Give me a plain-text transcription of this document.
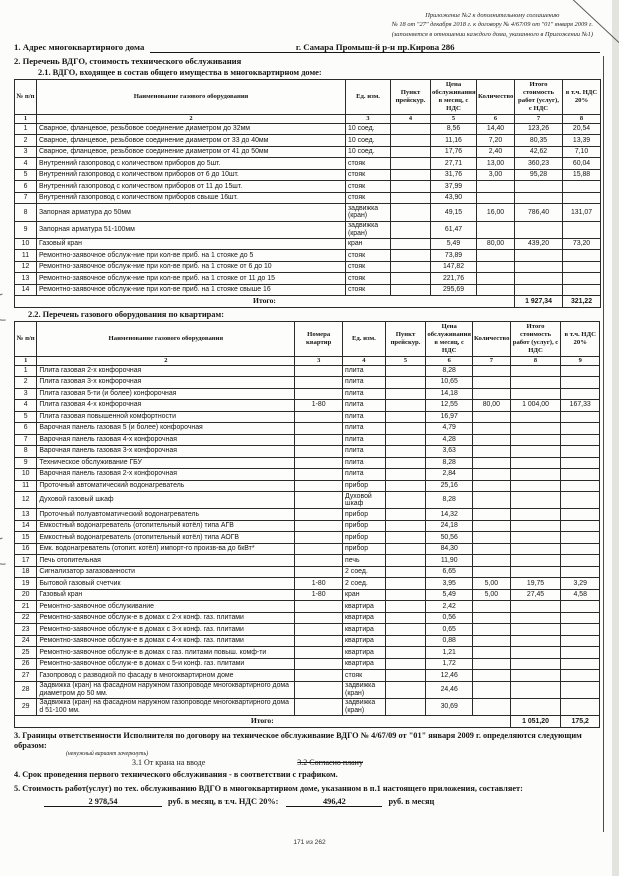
Приложение №2 к дополнительному соглашению
№ 18 от "27" декабря 2018 г. к договору № 4/67/09 от "01" января 2009 г.
(заполняется в отношении каждого дома, указанного в Приложении №1)
1. Адрес многоквартирного дома	г. Самара Промыш-й р-н пр.Кирова 286
2. Перечень ВДГО, стоимость технического обслуживания
2.1. ВДГО, входящее в состав общего имущества в многоквартирном доме:
№ п/п	Наименование газового оборудования	Ед. изм.	Пункт прейскур.	Цена обслуживания в месяц, с НДС	Количество	Итого стоимость работ (услуг), с НДС	в т.ч. НДС 20%
1	2	3	4	5	6	7	8
1	Сварное, фланцевое, резьбовое соединение диаметром до 32мм	10 соед.		8,56	14,40	123,26	20,54
2	Сварное, фланцевое, резьбовое соединение диаметром от 33 до 40мм	10 соед.		11,16	7,20	80,35	13,39
3	Сварное, фланцевое, резьбовое соединение диаметром от 41 до 50мм	10 соед.		17,76	2,40	42,62	7,10
4	Внутренний газопровод с количеством приборов до 5шт.	стояк		27,71	13,00	360,23	60,04
5	Внутренний газопровод с количеством приборов от 6 до 10шт.	стояк		31,76	3,00	95,28	15,88
6	Внутренний газопровод с количеством приборов от 11 до 15шт.	стояк		37,99			
7	Внутренний газопровод с количеством приборов свыше 16шт.	стояк		43,90			
8	Запорная арматура до 50мм	задвижка (кран)		49,15	16,00	786,40	131,07
9	Запорная арматура 51-100мм	задвижка (кран)		61,47			
10	Газовый кран	кран		5,49	80,00	439,20	73,20
11	Ремонтно-заявочное обслуж-ние при кол-ве приб. на 1 стояке до 5	стояк		73,89			
12	Ремонтно-заявочное обслуж-ние при кол-ве приб. на 1 стояке от 6 до 10	стояк		147,82			
13	Ремонтно-заявочное обслуж-ние при кол-ве приб. на 1 стояке от 11 до 15	стояк		221,76			
14	Ремонтно-заявочное обслуж-ние при кол-ве приб. на 1 стояке свыше 16	стояк		295,69			
Итого:						1 927,34	321,22
2.2. Перечень газового оборудования по квартирам:
№ п/п	Наименование газового оборудования	Номера квартир	Ед. изм.	Пункт прейскур.	Цена обслуживания в месяц, с НДС	Количество	Итого стоимость работ (услуг), с НДС	в т.ч. НДС 20%
1	2	3	4	5	6	7	8	9
1	Плита газовая 2-х конфорочная		плита		8,28			
2	Плита газовая 3-х конфорочная		плита		10,65			
3	Плита газовая 5-ти (и более) конфорочная		плита		14,18			
4	Плита газовая 4-х конфорочная	1-80	плита		12,55	80,00	1 004,00	167,33
5	Плита газовая повышенной комфортности		плита		16,97			
6	Варочная панель газовая 5 (и более) конфорочная		плита		4,79			
7	Варочная панель газовая 4-х конфорочная		плита		4,28			
8	Варочная панель газовая 3-х конфорочная		плита		3,63			
9	Техническое обслуживание ГБУ		плита		8,28			
10	Варочная панель газовая 2-х конфорочная		плита		2,84			
11	Проточный автоматический водонагреватель		прибор		25,16			
12	Духовой газовый шкаф		Духовой шкаф		8,28			
13	Проточный полуавтоматический водонагреватель		прибор		14,32			
14	Емкостный водонагреватель (отопительный котёл) типа АГВ		прибор		24,18			
15	Емкостный водонагреватель (отопительный котёл) типа АОГВ		прибор		50,56			
16	Емк. водонагреватель (отопит. котёл) импорт-го произв-ва до 6кВт*		прибор		84,30			
17	Печь отопительная		печь		11,90			
18	Сигнализатор загазованности		2 соед.		6,65			
19	Бытовой газовый счетчик	1-80	2 соед.		3,95	5,00	19,75	3,29
20	Газовый кран	1-80	кран		5,49	5,00	27,45	4,58
21	Ремонтно-заявочное обслуживание		квартира		2,42			
22	Ремонтно-заявочное обслуж-е в домах с 2-х конф. газ. плитами		квартира		0,56			
23	Ремонтно-заявочное обслуж-е в домах с 3-х конф. газ. плитами		квартира		0,65			
24	Ремонтно-заявочное обслуж-е в домах с 4-х конф. газ. плитами		квартира		0,88			
25	Ремонтно-заявочное обслуж-е в домах с газ. плитами повыш. комф-ти		квартира		1,21			
26	Ремонтно-заявочное обслуж-е в домах с 5-и конф. газ. плитами		квартира		1,72			
27	Газопровод с разводкой по фасаду в многоквартирном доме		стояк		12,46			
28	Задвижка (кран) на фасадном наружном газопроводе многоквартирного дома диаметром до 50 мм.		задвижка (кран)		24,46			
29	Задвижка (кран) на фасадном наружном газопроводе многоквартирного дома d 51-100 мм.		задвижка (кран)		30,69			
Итого:							1 051,20	175,2
3. Границы ответственности Исполнителя по договору на техническое обслуживание ВДГО № 4/67/09 от "01" января 2009 г. определяются следующим образом:
(ненужный вариант зачеркнуть)
3.1 От крана на вводе	3.2 Согласно плану
4. Срок проведения первого технического обслуживания - в соответствии с графиком.
5. Стоимость работ(услуг) по тех. обслуживанию ВДГО в многоквартирном доме, указанном в п.1 настоящего приложения, составляет:
2 978,54	руб. в месяц, в т.ч. НДС 20%:	496,42	руб. в месяц
171 из 262
